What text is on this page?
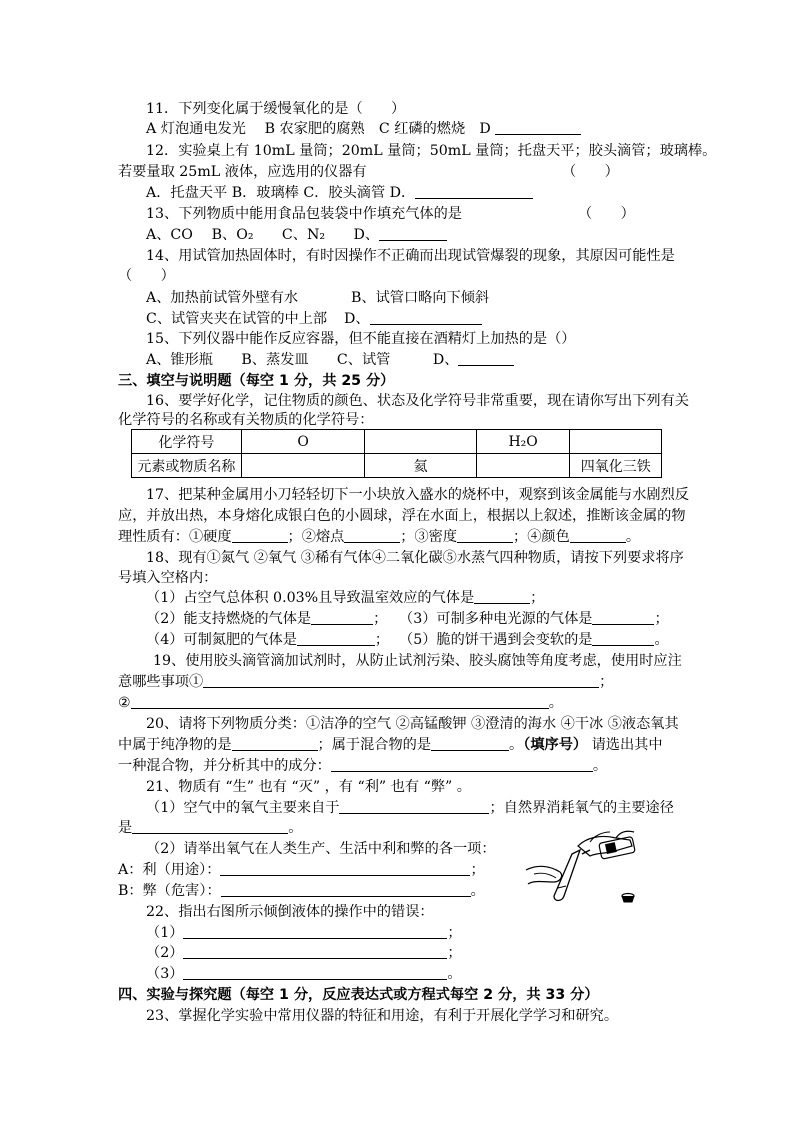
11．下列变化属于缓慢氧化的是（　　）
A 灯泡通电发光　 B 农家肥的腐熟　C 红磷的燃烧　D
12．实验桌上有 10mL 量筒；20mL 量筒；50mL 量筒；托盘天平；胶头滴管；玻璃棒。
若要量取 25mL 液体，应选用的仪器有	（　　）
A．托盘天平 B．玻璃棒 C．胶头滴管 D．
13、下列物质中能用食品包装袋中作填充气体的是	（　　）
A、CO　 B、O₂　　C、N₂　　D、
14、用试管加热固体时，有时因操作不正确而出现试管爆裂的现象，其原因可能性是
（　　）
A、加热前试管外壁有水	B、试管口略向下倾斜
C、试管夹夹在试管的中上部 D、
15、下列仪器中能作反应容器，但不能直接在酒精灯上加热的是（）
A、锥形瓶　　B、蒸发皿　　C、试管　　　D、
三、填空与说明题（每空 1 分，共 25 分）
16、要学好化学，记住物质的颜色、状态及化学符号非常重要，现在请你写出下列有关
化学符号的名称或有关物质的化学符号：
化学符号	O		H₂O	
元素或物质名称		氦		四氧化三铁
17、把某种金属用小刀轻轻切下一小块放入盛水的烧杯中，观察到该金属能与水剧烈反
应，并放出热，本身熔化成银白色的小圆球，浮在水面上，根据以上叙述，推断该金属的物
理性质有：①硬度	；②熔点	；③密度	；④颜色	。
18、现有①氮气 ②氧气 ③稀有气体④二氧化碳⑤水蒸气四种物质，请按下列要求将序
号填入空格内：
（1）占空气总体积 0.03%且导致温室效应的气体是	；
（2）能支持燃烧的气体是	； （3）可制多种电光源的气体是	；
（4）可制氮肥的气体是	； （5）脆的饼干遇到会变软的是	。
19、使用胶头滴管滴加试剂时，从防止试剂污染、胶头腐蚀等角度考虑，使用时应注
意哪些事项①	；
②	。
20、请将下列物质分类：①洁净的空气 ②高锰酸钾 ③澄清的海水 ④干冰 ⑤液态氧其
中属于纯净物的是	；属于混合物的是	。（填序号） 请选出其中
一种混合物，并分析其中的成分：	。
21、物质有 “生” 也有 “灭” ，有 “利” 也有 “弊” 。
（1）空气中的氧气主要来自于	；自然界消耗氧气的主要途径
是	。
（2）请举出氧气在人类生产、生活中利和弊的各一项：
A：利（用途）：	；
B：弊（危害）：	。
22、指出右图所示倾倒液体的操作中的错误：
（1）	；
（2）	；
（3）	。
四、实验与探究题（每空 1 分，反应表达式或方程式每空 2 分，共 33 分）
23、掌握化学实验中常用仪器的特征和用途，有利于开展化学学习和研究。
